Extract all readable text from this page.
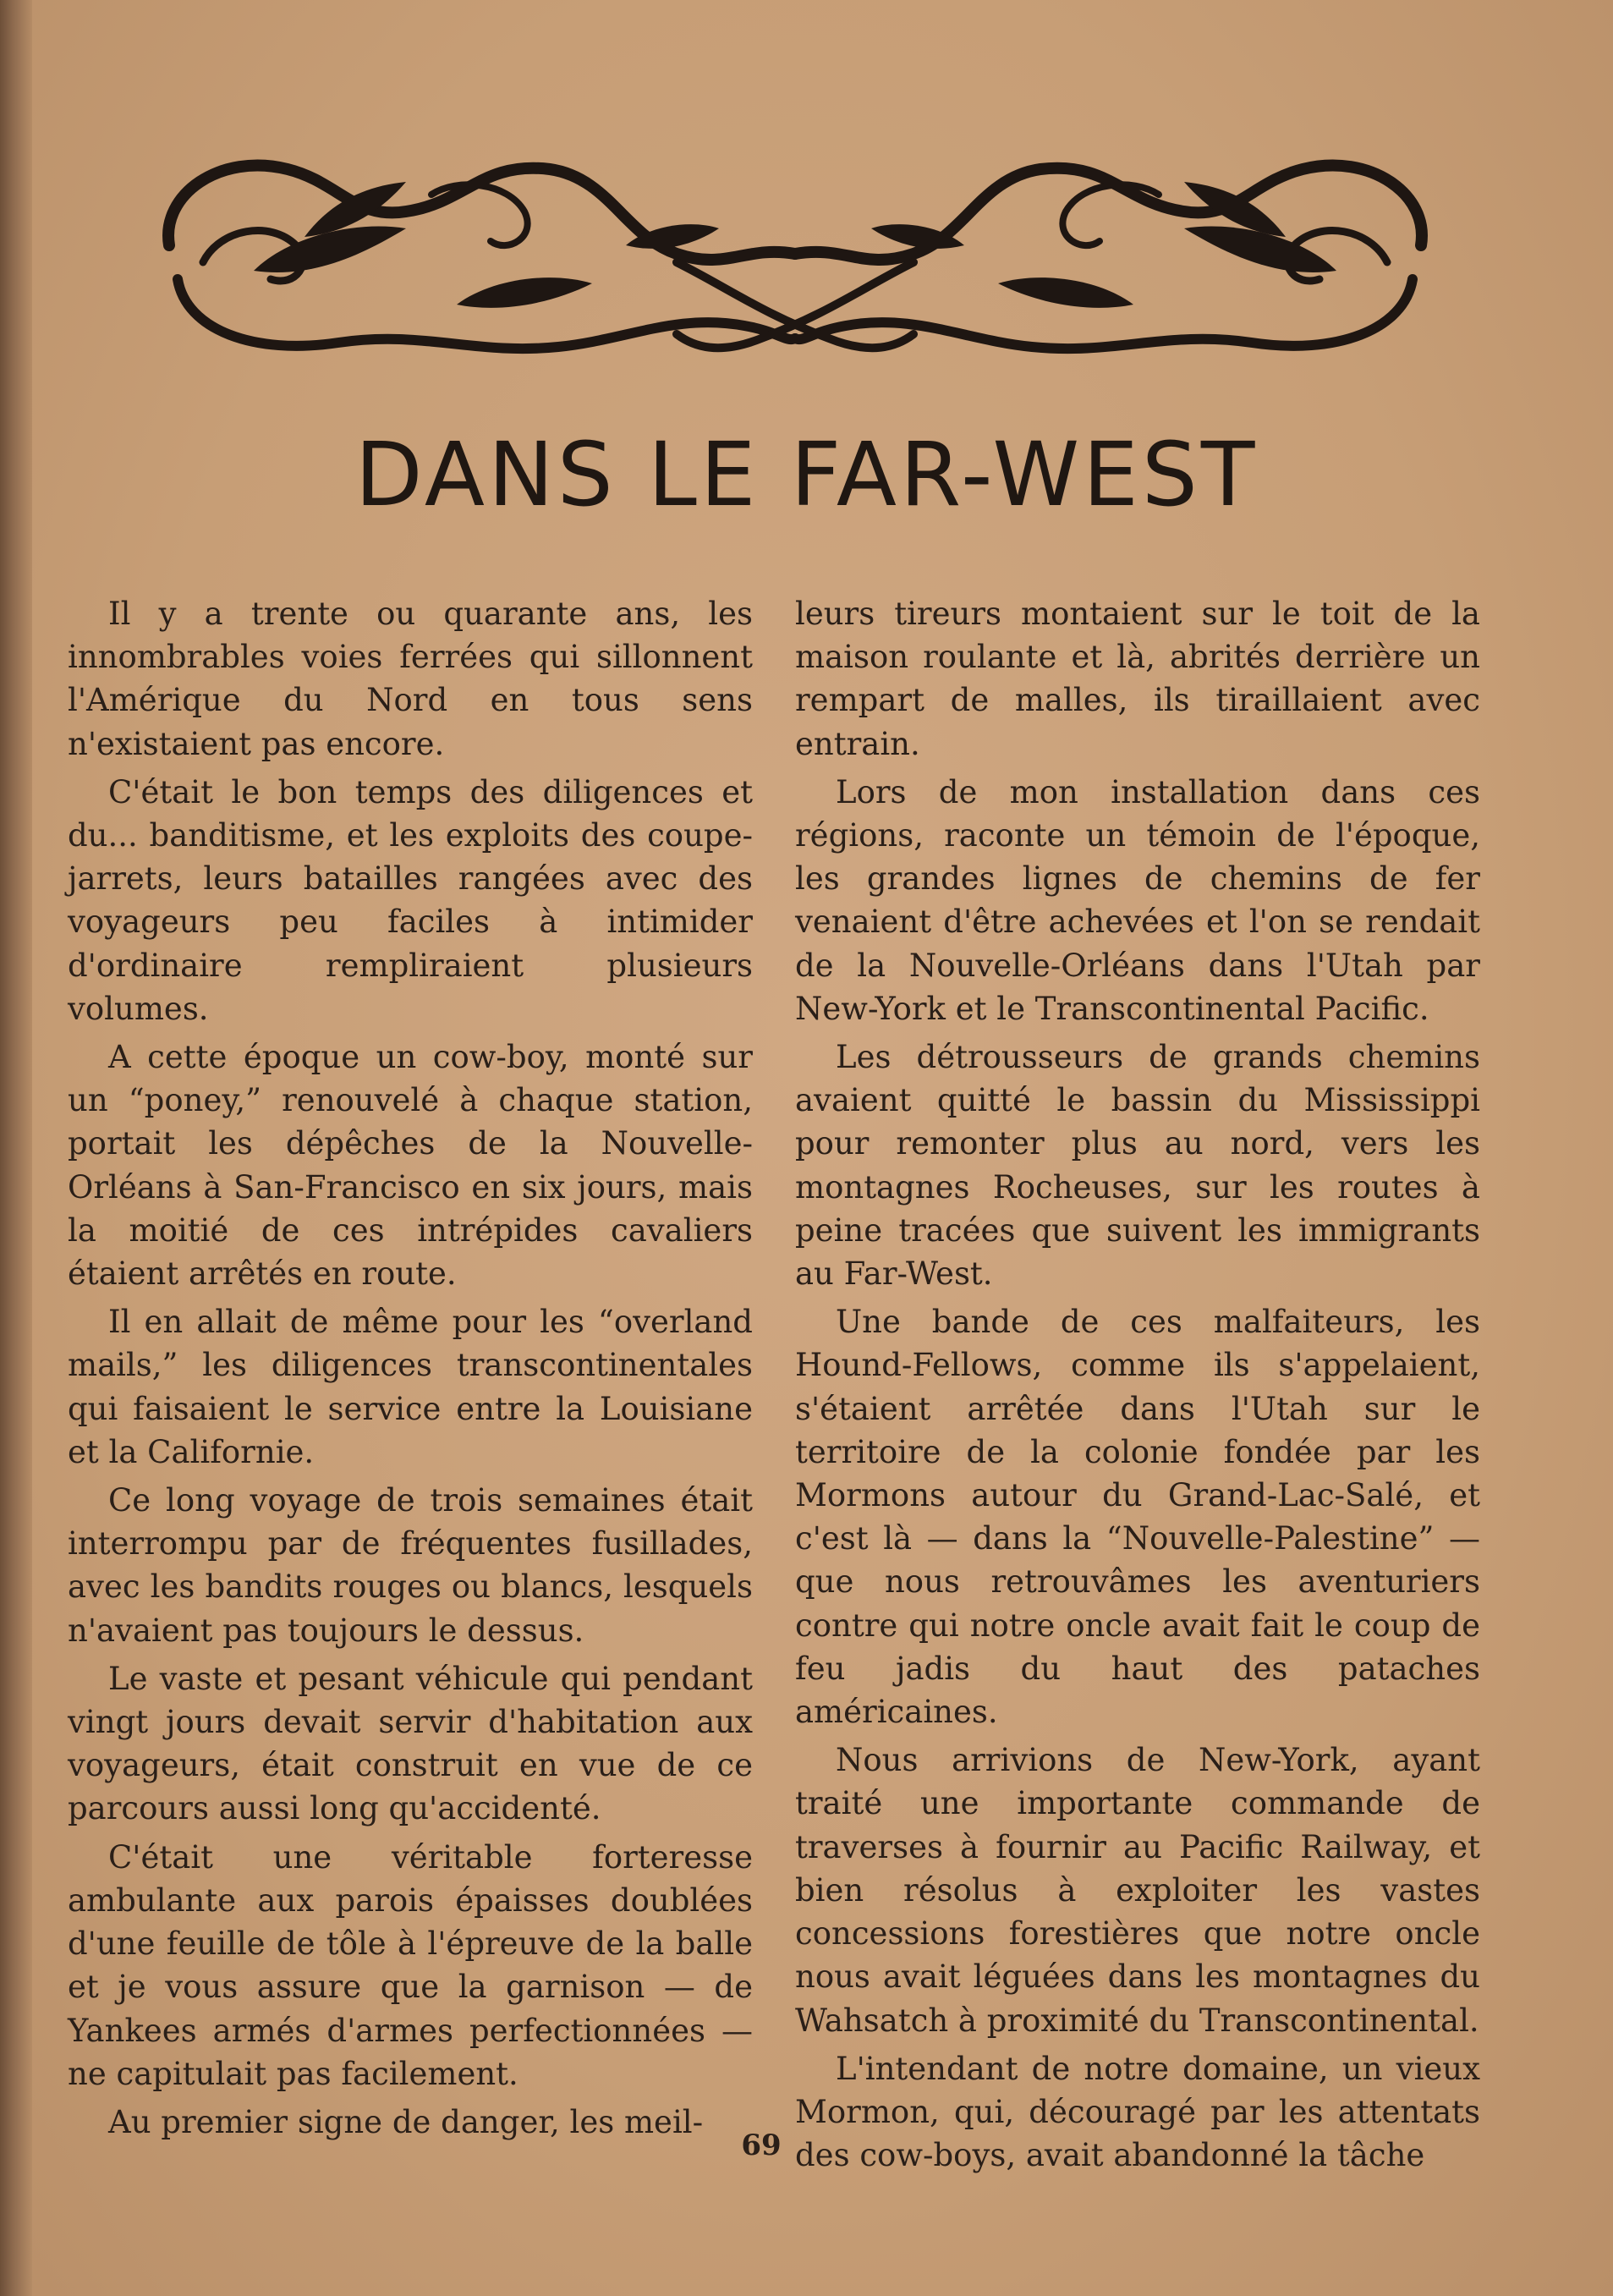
DANS LE FAR-WEST

Il y a trente ou quarante ans, les innombrables voies ferrées qui sillonnent l'Amérique du Nord en tous sens n'existaient pas encore.

C'était le bon temps des diligences et du... banditisme, et les exploits des coupe-jarrets, leurs batailles rangées avec des voyageurs peu faciles à intimider d'ordinaire rempliraient plusieurs volumes.

A cette époque un cow-boy, monté sur un “poney,” renouvelé à chaque station, portait les dépêches de la Nouvelle-Orléans à San-Francisco en six jours, mais la moitié de ces intrépides cavaliers étaient arrêtés en route.

Il en allait de même pour les “overland mails,” les diligences transcontinentales qui faisaient le service entre la Louisiane et la Californie.

Ce long voyage de trois semaines était interrompu par de fréquentes fusillades, avec les bandits rouges ou blancs, lesquels n'avaient pas toujours le dessus.

Le vaste et pesant véhicule qui pendant vingt jours devait servir d'habitation aux voyageurs, était construit en vue de ce parcours aussi long qu'accidenté.

C'était une véritable forteresse ambulante aux parois épaisses doublées d'une feuille de tôle à l'épreuve de la balle et je vous assure que la garnison — de Yankees armés d'armes perfectionnées — ne capitulait pas facilement.

Au premier signe de danger, les meil-

leurs tireurs montaient sur le toit de la maison roulante et là, abrités derrière un rempart de malles, ils tiraillaient avec entrain.

Lors de mon installation dans ces régions, raconte un témoin de l'époque, les grandes lignes de chemins de fer venaient d'être achevées et l'on se rendait de la Nouvelle-Orléans dans l'Utah par New-York et le Transcontinental Pacific.

Les détrousseurs de grands chemins avaient quitté le bassin du Mississippi pour remonter plus au nord, vers les montagnes Rocheuses, sur les routes à peine tracées que suivent les immigrants au Far-West.

Une bande de ces malfaiteurs, les Hound-Fellows, comme ils s'appelaient, s'étaient arrêtée dans l'Utah sur le territoire de la colonie fondée par les Mormons autour du Grand-Lac-Salé, et c'est là — dans la “Nouvelle-Palestine” — que nous retrouvâmes les aventuriers contre qui notre oncle avait fait le coup de feu jadis du haut des pataches américaines.

Nous arrivions de New-York, ayant traité une importante commande de traverses à fournir au Pacific Railway, et bien résolus à exploiter les vastes concessions forestières que notre oncle nous avait léguées dans les montagnes du Wahsatch à proximité du Transcontinental.

L'intendant de notre domaine, un vieux Mormon, qui, découragé par les attentats des cow-boys, avait abandonné la tâche

69
